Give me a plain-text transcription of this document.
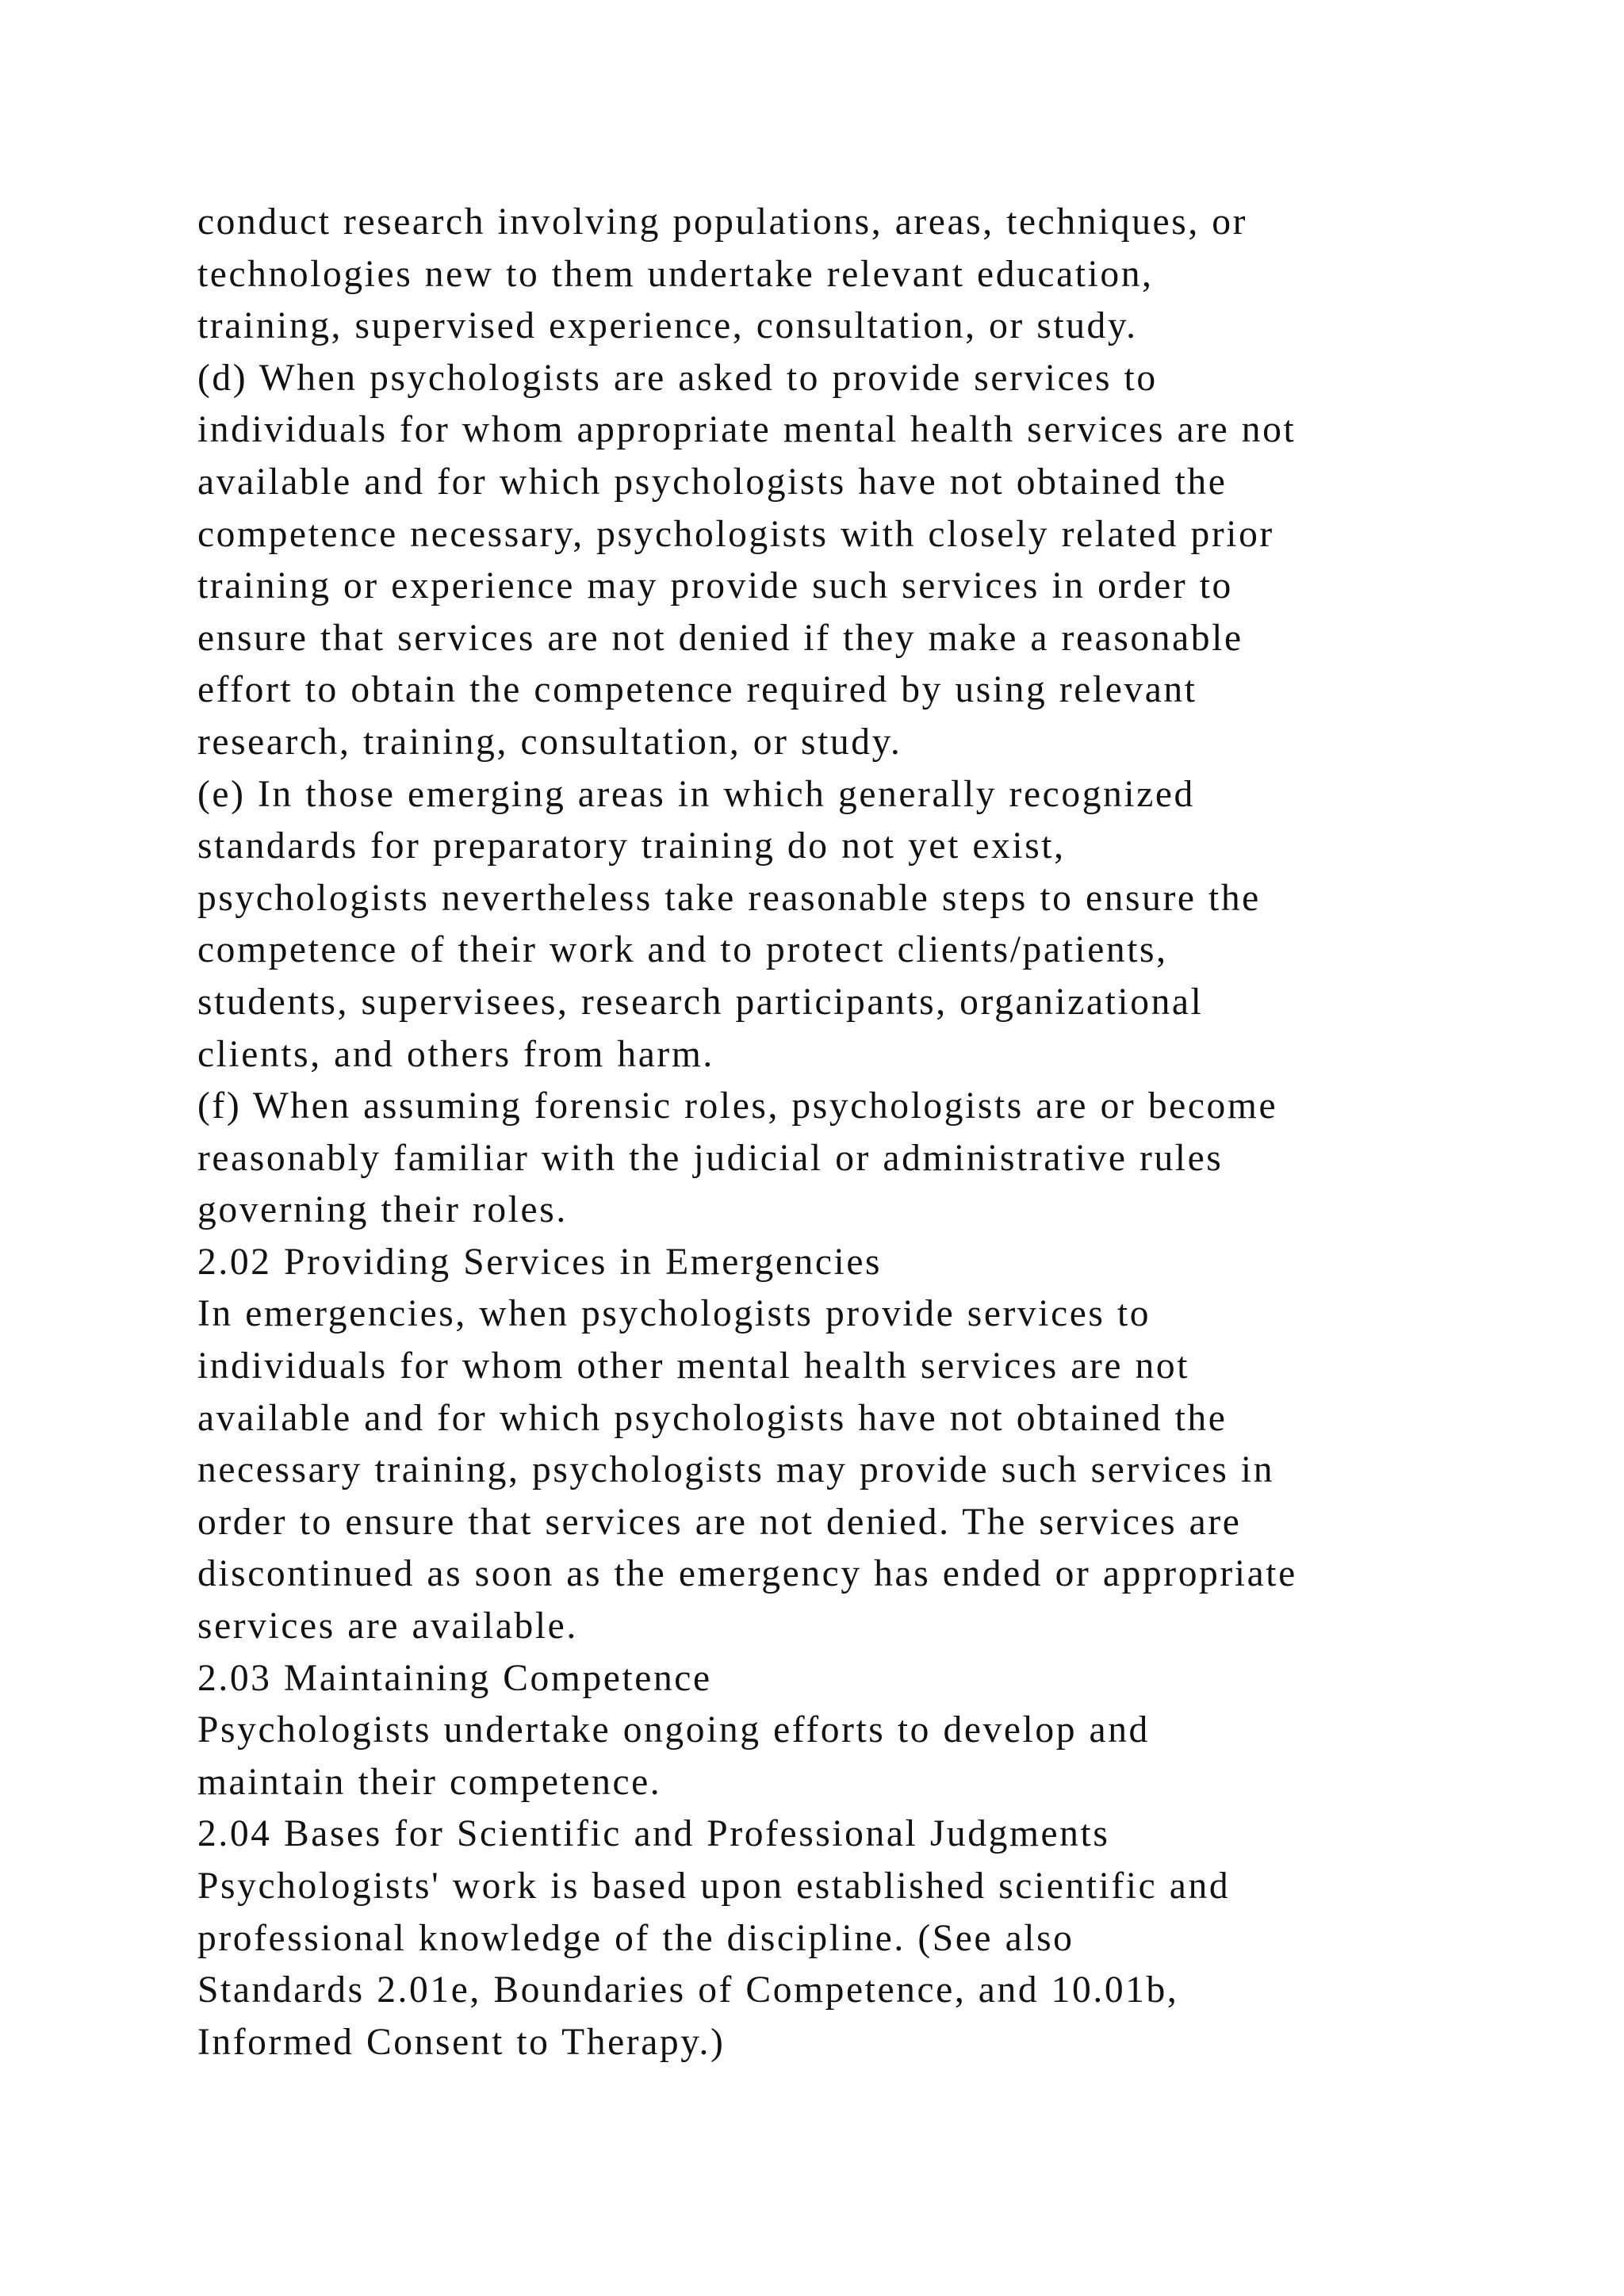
conduct research involving populations, areas, techniques, or
technologies new to them undertake relevant education,
training, supervised experience, consultation, or study.
(d) When psychologists are asked to provide services to
individuals for whom appropriate mental health services are not
available and for which psychologists have not obtained the
competence necessary, psychologists with closely related prior
training or experience may provide such services in order to
ensure that services are not denied if they make a reasonable
effort to obtain the competence required by using relevant
research, training, consultation, or study.
(e) In those emerging areas in which generally recognized
standards for preparatory training do not yet exist,
psychologists nevertheless take reasonable steps to ensure the
competence of their work and to protect clients/patients,
students, supervisees, research participants, organizational
clients, and others from harm.
(f) When assuming forensic roles, psychologists are or become
reasonably familiar with the judicial or administrative rules
governing their roles.
2.02 Providing Services in Emergencies
In emergencies, when psychologists provide services to
individuals for whom other mental health services are not
available and for which psychologists have not obtained the
necessary training, psychologists may provide such services in
order to ensure that services are not denied. The services are
discontinued as soon as the emergency has ended or appropriate
services are available.
2.03 Maintaining Competence
Psychologists undertake ongoing efforts to develop and
maintain their competence.
2.04 Bases for Scientific and Professional Judgments
Psychologists' work is based upon established scientific and
professional knowledge of the discipline. (See also
Standards 2.01e, Boundaries of Competence, and 10.01b,
Informed Consent to Therapy.)
